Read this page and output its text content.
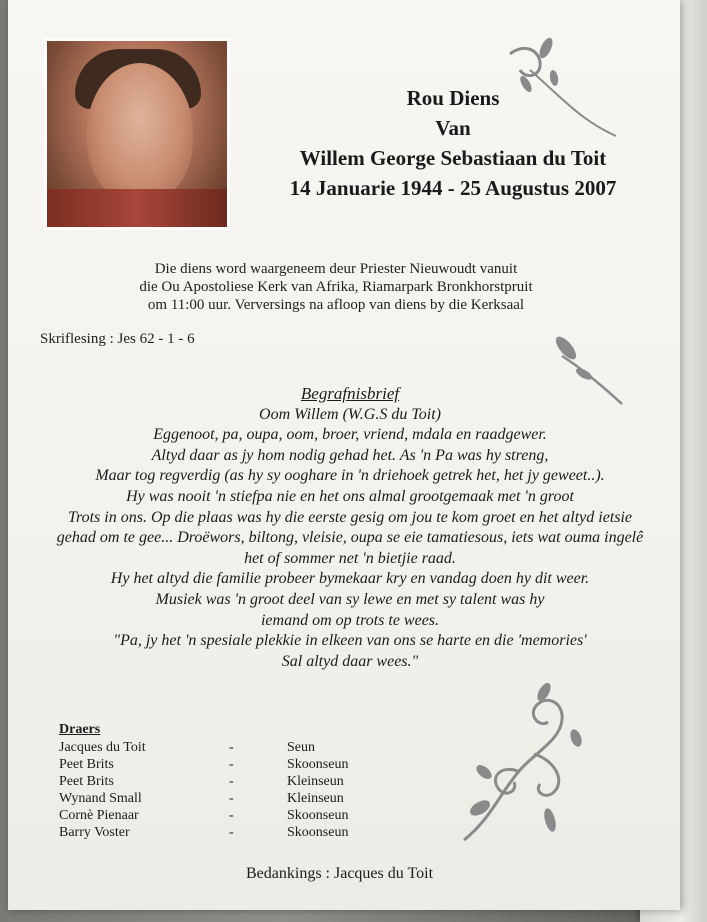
Rou Diens
Van
Willem George Sebastiaan du Toit
14 Januarie 1944 - 25 Augustus 2007
Die diens word waargeneem deur Priester Nieuwoudt vanuit
die Ou Apostoliese Kerk van Afrika, Riamarpark Bronkhorstpruit
om 11:00 uur. Verversings na afloop van diens by die Kerksaal
Skriflesing : Jes 62 - 1 - 6
Begrafnisbrief
Oom Willem (W.G.S du Toit)
Eggenoot, pa, oupa, oom, broer, vriend, mdala en raadgewer.
Altyd daar as jy hom nodig gehad het. As 'n Pa was hy streng,
Maar tog regverdig (as hy sy ooghare in 'n driehoek getrek het, het jy geweet..).
Hy was nooit 'n stiefpa nie en het ons almal grootgemaak met 'n groot
Trots in ons. Op die plaas was hy die eerste gesig om jou te kom groet en het altyd ietsie
gehad om te gee... Droëwors, biltong, vleisie, oupa se eie tamatiesous, iets wat ouma ingelê
het of sommer net 'n bietjie raad.
Hy het altyd die familie probeer bymekaar kry en vandag doen hy dit weer.
Musiek was 'n groot deel van sy lewe en met sy talent was hy
iemand om op trots te wees.
"Pa, jy het 'n spesiale plekkie in elkeen van ons se harte en die 'memories'
Sal altyd daar wees."
Draers
Jacques du Toit	-	Seun
Peet Brits	-	Skoonseun
Peet Brits	-	Kleinseun
Wynand Small	-	Kleinseun
Cornè Pienaar	-	Skoonseun
Barry Voster	-	Skoonseun
Bedankings : Jacques du Toit
